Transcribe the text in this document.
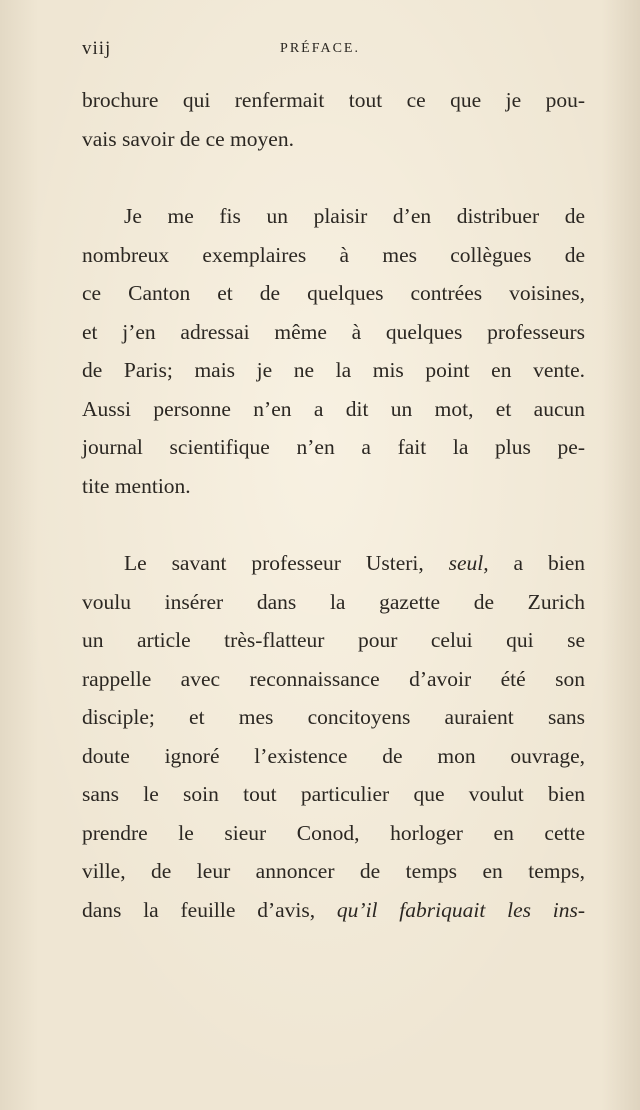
viij	PRÉFACE.
brochure qui renfermait tout ce que je pou-
vais savoir de ce moyen.
Je me fis un plaisir d’en distribuer de
nombreux exemplaires à mes collègues de
ce Canton et de quelques contrées voisines,
et j’en adressai même à quelques professeurs
de Paris; mais je ne la mis point en vente.
Aussi personne n’en a dit un mot, et aucun
journal scientifique n’en a fait la plus pe-
tite mention.
Le savant professeur Usteri, seul, a bien
voulu insérer dans la gazette de Zurich
un article très-flatteur pour celui qui se
rappelle avec reconnaissance d’avoir été son
disciple; et mes concitoyens auraient sans
doute ignoré l’existence de mon ouvrage,
sans le soin tout particulier que voulut bien
prendre le sieur Conod, horloger en cette
ville, de leur annoncer de temps en temps,
dans la feuille d’avis, qu’il fabriquait les ins-
